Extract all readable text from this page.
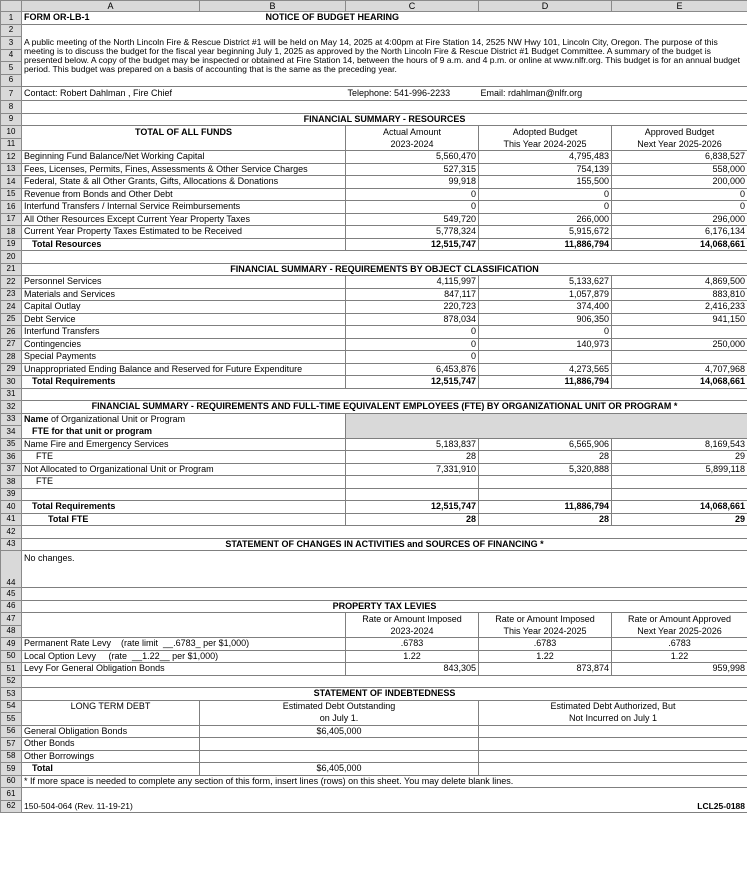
	A	B	C	D	E
1	FORM OR-LB-1	NOTICE OF BUDGET HEARING			
2					
3	A public meeting of the North Lincoln Fire & Rescue District #1 will be held on May 14, 2025 at 4:00pm at Fire Station 14, 2525 NW Hwy 101, Lincoln City, Oregon. The purpose of this meeting is to discuss the budget for the fiscal year beginning July 1, 2025 as approved by the North Lincoln Fire & Rescue District #1 Budget Committee. A summary of the budget is presented below. A copy of the budget may be inspected or obtained at Fire Station 14, between the hours of 9 a.m. and 4 p.m. or online at www.nlfr.org. This budget is for an annual budget period. This budget was prepared on a basis of accounting that is the same as the preceding year.				
4					
5					
6					
7	Contact: Robert Dahlman , Fire Chief		Telephone: 541-996-2233	Email: rdahlman@nlfr.org	
8					
9	FINANCIAL SUMMARY - RESOURCES				
10	TOTAL OF ALL FUNDS		Actual Amount	Adopted Budget	Approved Budget
11			2023-2024	This Year 2024-2025	Next Year 2025-2026
12	Beginning Fund Balance/Net Working Capital		5,560,470	4,795,483	6,838,527
13	Fees, Licenses, Permits, Fines, Assessments & Other Service Charges		527,315	754,139	558,000
14	Federal, State & all Other Grants, Gifts, Allocations & Donations		99,918	155,500	200,000
15	Revenue from Bonds and Other Debt		0	0	0
16	Interfund Transfers / Internal Service Reimbursements		0	0	0
17	All Other Resources Except Current Year Property Taxes		549,720	266,000	296,000
18	Current Year Property Taxes Estimated to be Received		5,778,324	5,915,672	6,176,134
19	Total Resources		12,515,747	11,886,794	14,068,661
20					
21	FINANCIAL SUMMARY - REQUIREMENTS BY OBJECT CLASSIFICATION				
22	Personnel Services		4,115,997	5,133,627	4,869,500
23	Materials and Services		847,117	1,057,879	883,810
24	Capital Outlay		220,723	374,400	2,416,233
25	Debt Service		878,034	906,350	941,150
26	Interfund Transfers		0	0	
27	Contingencies		0	140,973	250,000
28	Special Payments		0		
29	Unappropriated Ending Balance and Reserved for Future Expenditure		6,453,876	4,273,565	4,707,968
30	Total Requirements		12,515,747	11,886,794	14,068,661
31					
32	FINANCIAL SUMMARY - REQUIREMENTS AND FULL-TIME EQUIVALENT EMPLOYEES (FTE) BY ORGANIZATIONAL UNIT OR PROGRAM *				
33	Name of Organizational Unit or Program				
34	FTE for that unit or program				
35	Name Fire and Emergency Services		5,183,837	6,565,906	8,169,543
36	FTE		28	28	29
37	Not Allocated to Organizational Unit or Program		7,331,910	5,320,888	5,899,118
38	FTE				
39					
40	Total Requirements		12,515,747	11,886,794	14,068,661
41	Total FTE		28	28	29
42					
43	STATEMENT OF CHANGES IN ACTIVITIES and SOURCES OF FINANCING *				
44	No changes.				
45					
46	PROPERTY TAX LEVIES				
47			Rate or Amount Imposed	Rate or Amount Imposed	Rate or Amount Approved
48			2023-2024	This Year 2024-2025	Next Year 2025-2026
49	Permanent Rate Levy    (rate limit  __.6783_ per $1,000)		.6783	.6783	.6783
50	Local Option Levy     (rate  __1.22__ per $1,000)		1.22	1.22	1.22
51	Levy For General Obligation Bonds		843,305	873,874	959,998
52					
53	STATEMENT OF INDEBTEDNESS				
54	LONG TERM DEBT	Estimated Debt Outstanding		Estimated Debt Authorized, But	
55		on July 1.		Not Incurred on July 1	
56	General Obligation Bonds	$6,405,000			
57	Other Bonds				
58	Other Borrowings				
59	Total	$6,405,000			
60	* If more space is needed to complete any section of this form, insert lines (rows) on this sheet. You may delete blank lines.				
61					
62	150-504-064 (Rev. 11-19-21)		LCL25-0188		
